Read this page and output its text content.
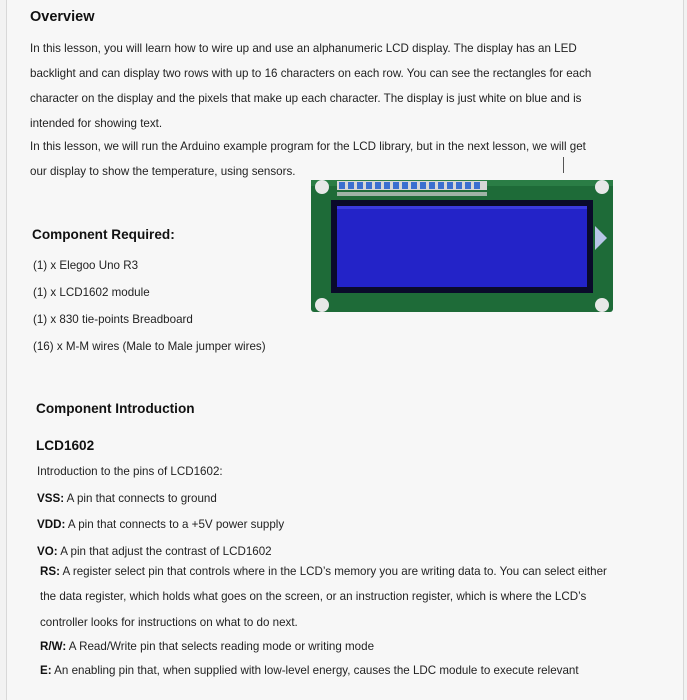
Overview
In this lesson, you will learn how to wire up and use an alphanumeric LCD display. The display has an LED
backlight and can display two rows with up to 16 characters on each row. You can see the rectangles for each
character on the display and the pixels that make up each character. The display is just white on blue and is
intended for showing text.
In this lesson, we will run the Arduino example program for the LCD library, but in the next lesson, we will get
our display to show the temperature, using sensors.
Component Required:
(1) x Elegoo Uno R3
(1) x LCD1602 module
(1) x 830 tie-points Breadboard
(16) x M-M wires (Male to Male jumper wires)
Component Introduction
LCD1602
Introduction to the pins of LCD1602:
VSS: A pin that connects to ground
VDD: A pin that connects to a +5V power supply
VO: A pin that adjust the contrast of LCD1602
RS: A register select pin that controls where in the LCD’s memory you are writing data to. You can select either
the data register, which holds what goes on the screen, or an instruction register, which is where the LCD’s
controller looks for instructions on what to do next.
R/W: A Read/Write pin that selects reading mode or writing mode
E: An enabling pin that, when supplied with low-level energy, causes the LDC module to execute relevant
